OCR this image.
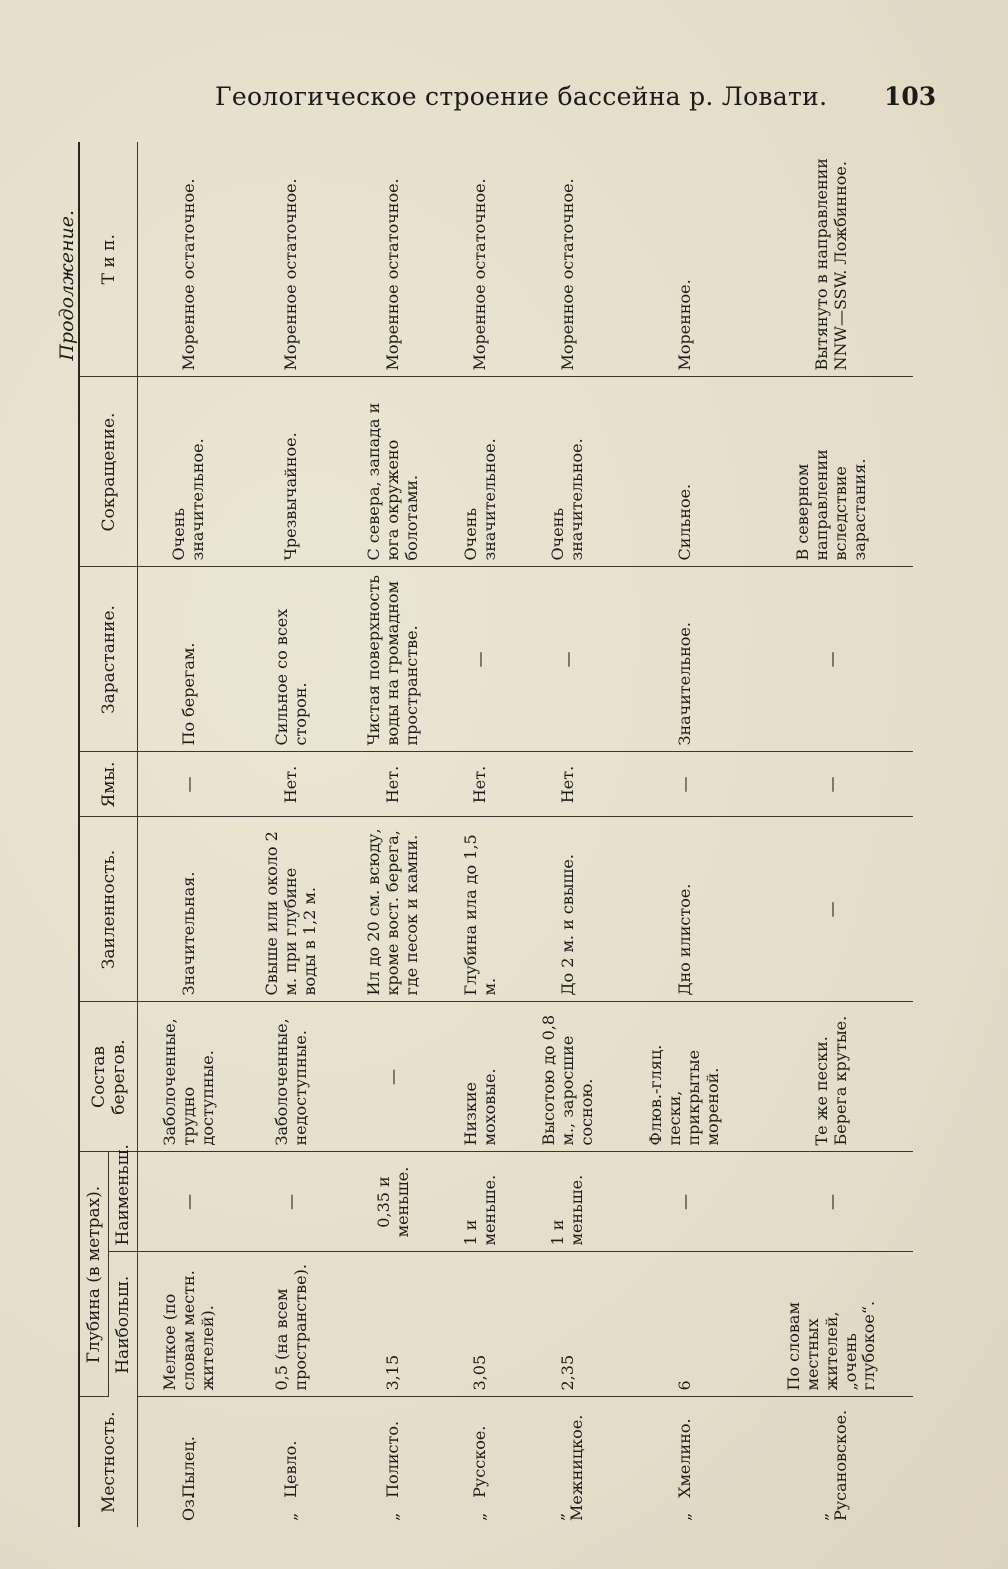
Геологическое строение бассейна р. Ловати. 103
Продолжение.
Местность.	Глубина (в метрах).		Состав берегов.	Заиленность.	Ямы.	Зарастание.	Сокращение.	Т и п.
	Наибольш.	Наименьш.						
Оз. Пылец.	Мелкое (по словам местн. жителей).	—	Заболоченные, трудно доступные.	Значительная.	—	По берегам.	Очень значительное.	Моренное остаточное.
„ Цевло.	0,5 (на всем пространстве).	—	Заболоченные, недоступные.	Свыше или около 2 м. при глубине воды в 1,2 м.	Нет.	Сильное со всех сторон.	Чрезвычайное.	Моренное остаточное.
„ Полисто.	3,15	0,35 и меньше.	—	Ил до 20 см. всюду, кроме вост. берега, где песок и камни.	Нет.	Чистая поверхность воды на громадном пространстве.	С севера, запада и юга окружено болотами.	Моренное остаточное.
„ Русское.	3,05	1 и меньше.	Низкие моховые.	Глубина ила до 1,5 м.	Нет.	—	Очень значительное.	Моренное остаточное.
„ Межницкое.	2,35	1 и меньше.	Высотою до 0,8 м., заросшие сосною.	До 2 м. и свыше.	Нет.	—	Очень значительное.	Моренное остаточное.
„ Хмелино.	6	—	Флюв.-гляц. пески, прикрытые мореной.	Дно илистое.	—	Значительное.	Сильное.	Моренное.
„ Русановское.	По словам местных жителей, „очень глубокое“.	—	Те же пески. Берега крутые.	—	—	—	В северном направлении вследствие зарастания.	Вытянуто в направлении NNW—SSW. Ложбинное.
